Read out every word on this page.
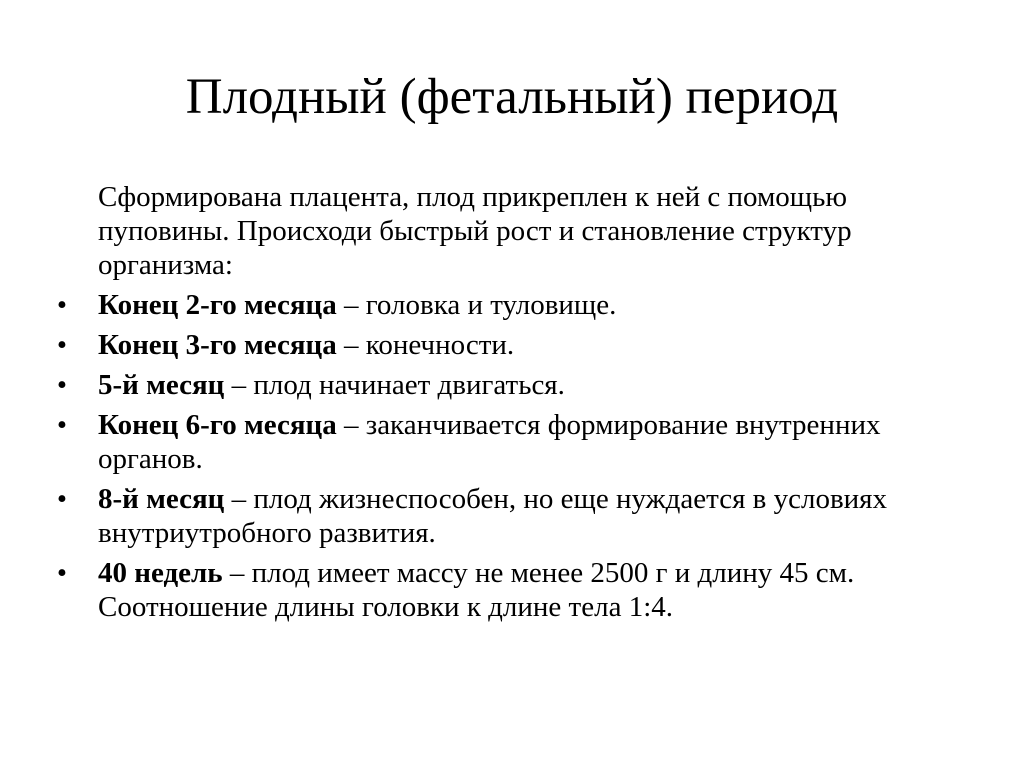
Плодный (фетальный) период

Сформирована плацента, плод прикреплен к ней с помощью пуповины. Происходи быстрый рост и становление структур организма:

• Конец 2-го месяца – головка и туловище.
• Конец 3-го месяца – конечности.
• 5-й месяц – плод начинает двигаться.
• Конец 6-го месяца – заканчивается формирование внутренних органов.
• 8-й месяц – плод жизнеспособен, но еще нуждается в условиях внутриутробного развития.
• 40 недель – плод имеет массу не менее 2500 г и длину 45 см. Соотношение длины головки к длине тела 1:4.
